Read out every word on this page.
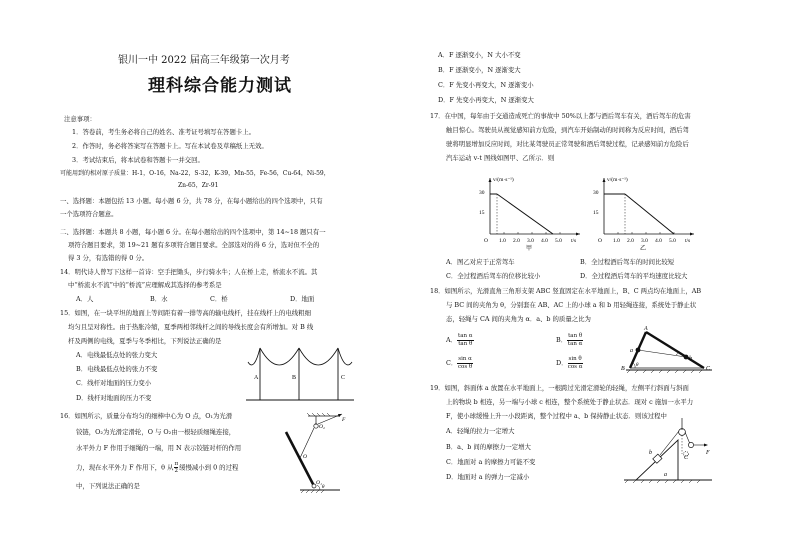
银川一中 2022 届高三年级第一次月考
理科综合能力测试
注意事项：
1．答卷前，考生务必将自己的姓名、准考证号填写在答题卡上。
2．作答时，务必将答案写在答题卡上。写在本试卷及草稿纸上无效。
3．考试结束后，将本试卷和答题卡一并交回。
可能用到的相对原子质量：H-1，O-16，Na-22，S-32，K-39，Mn-55，Fe-56，Cu-64，Ni-59，
Zn-65，Zr-91
一、选择题：本题包括 13 小题。每小题 6 分，共 78 分，在每小题给出的四个选项中，只有
一个选项符合题意。
二、选择题：本题共 8 小题，每小题 6 分。在每小题给出的四个选项中，第 14~18 题只有一
项符合题目要求，第 19~21 题有多项符合题目要求。全部选对的得 6 分，选对但不全的
得 3 分，有选错的得 0 分。
14．明代诗人曾写下这样一首诗：空手把锄头，步行骑水牛；人在桥上走，桥流水不流。其
中“桥流水不流”中的“桥流”应理解成其选择的参考系是
A．人	B．水	C．桥	D．地面
15．如图，在一块平坦的地面上等间距有着一排等高的输电线杆，挂在线杆上的电线粗细
均匀且呈对称性。由于热胀冷缩，夏季两相邻线杆之间的导线长度会有所增加。对 B 线
杆及两侧的电线，夏季与冬季相比，下列说法正确的是
A．电线最低点处的张力变大
B．电线最低点处的张力不变
C．线杆对地面的压力变小
D．线杆对地面的压力不变
A	B	C
16．如图所示，质量分布均匀的细棒中心为 O 点，O₁为光滑
铰链，O₂为光滑定滑轮，O 与 O₂由一根轻质细绳连接，
水平外力 F 作用于细绳的一端，用 N 表示铰链对杆的作用
力，现在水平外力 F 作用下，θ 从 $\frac{\pi}{2}$ 缓慢减小到 0 的过程
中，下列说法正确的是
O₂
F
O
O₁
θ
A．F 逐渐变小，N 大小不变
B．F 逐渐变小，N 逐渐变大
C．F 先变小再变大，N 逐渐变小
D．F 先变小再变大，N 逐渐变大
17．在中国，每年由于交通造成死亡的事故中 50%以上都与酒后驾车有关，酒后驾车的危害
触目惊心。驾驶员从视觉感知前方危险，到汽车开始制动的时间称为反应时间，酒后驾
驶将明显增加反应时间，对比某驾驶员正常驾驶和酒后驾驶过程，记录感知前方危险后
汽车运动 v-t 图线如图甲、乙所示．则
v/(m·s⁻¹)
t/s
30
15
O 1.0 2.0 3.0 4.0 5.0
甲
v/(m·s⁻¹)
t/s
30
15
O 1.0 2.0 3.0 4.0 5.0
乙
A．图乙对应于正常驾车	B．全过程酒后驾车的时间比较短
C．全过程酒后驾车的位移比较小	D．全过程酒后驾车的平均速度比较大
18．如图所示，光滑直角三角形支架 ABC 竖直固定在水平地面上，B、C 两点均在地面上，AB
与 BC 间的夹角为 θ，分别套在 AB、AC 上的小球 a 和 b 用轻绳连接，系统处于静止状
态，轻绳与 CA 间的夹角为 α．a、b 的质量之比为
A． $\frac{\text{tan α}}{\text{tan θ}}$	B． $\frac{\text{tan θ}}{\text{tan α}}$
C． $\frac{\text{sin α}}{\text{cos θ}}$	D． $\frac{\text{sin θ}}{\text{cos α}}$
A
a
b
B
θ
C
19．如图，斜面体 a 放置在水平地面上，一根跨过光滑定滑轮的轻绳，左侧平行斜面与斜面
上的物块 b 相连，另一端与小球 c 相连，整个系统处于静止状态．现对 c 施加一水平力
F，使小球缓慢上升一小段距离，整个过程中 a、b 保持静止状态．则该过程中
A．轻绳的拉力一定增大
B．a、b 间的摩擦力一定增大
C．地面对 a 的摩擦力可能不变
D．地面对 a 的弹力一定减小
b
a
C
F
